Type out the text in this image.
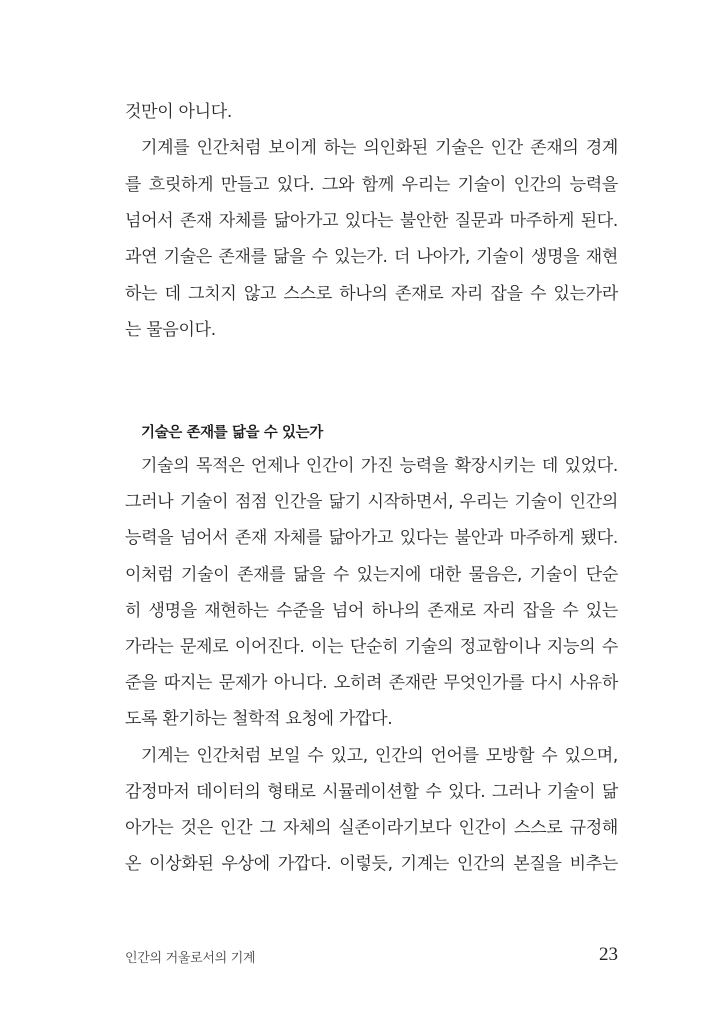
것만이 아니다.
기계를 인간처럼 보이게 하는 의인화된 기술은 인간 존재의 경계
를 흐릿하게 만들고 있다. 그와 함께 우리는 기술이 인간의 능력을
넘어서 존재 자체를 닮아가고 있다는 불안한 질문과 마주하게 된다.
과연 기술은 존재를 닮을 수 있는가. 더 나아가, 기술이 생명을 재현
하는 데 그치지 않고 스스로 하나의 존재로 자리 잡을 수 있는가라
는 물음이다.
기술은 존재를 닮을 수 있는가
기술의 목적은 언제나 인간이 가진 능력을 확장시키는 데 있었다.
그러나 기술이 점점 인간을 닮기 시작하면서, 우리는 기술이 인간의
능력을 넘어서 존재 자체를 닮아가고 있다는 불안과 마주하게 됐다.
이처럼 기술이 존재를 닮을 수 있는지에 대한 물음은, 기술이 단순
히 생명을 재현하는 수준을 넘어 하나의 존재로 자리 잡을 수 있는
가라는 문제로 이어진다. 이는 단순히 기술의 정교함이나 지능의 수
준을 따지는 문제가 아니다. 오히려 존재란 무엇인가를 다시 사유하
도록 환기하는 철학적 요청에 가깝다.
기계는 인간처럼 보일 수 있고, 인간의 언어를 모방할 수 있으며,
감정마저 데이터의 형태로 시뮬레이션할 수 있다. 그러나 기술이 닮
아가는 것은 인간 그 자체의 실존이라기보다 인간이 스스로 규정해
온 이상화된 우상에 가깝다. 이렇듯, 기계는 인간의 본질을 비추는
인간의 거울로서의 기계	23
